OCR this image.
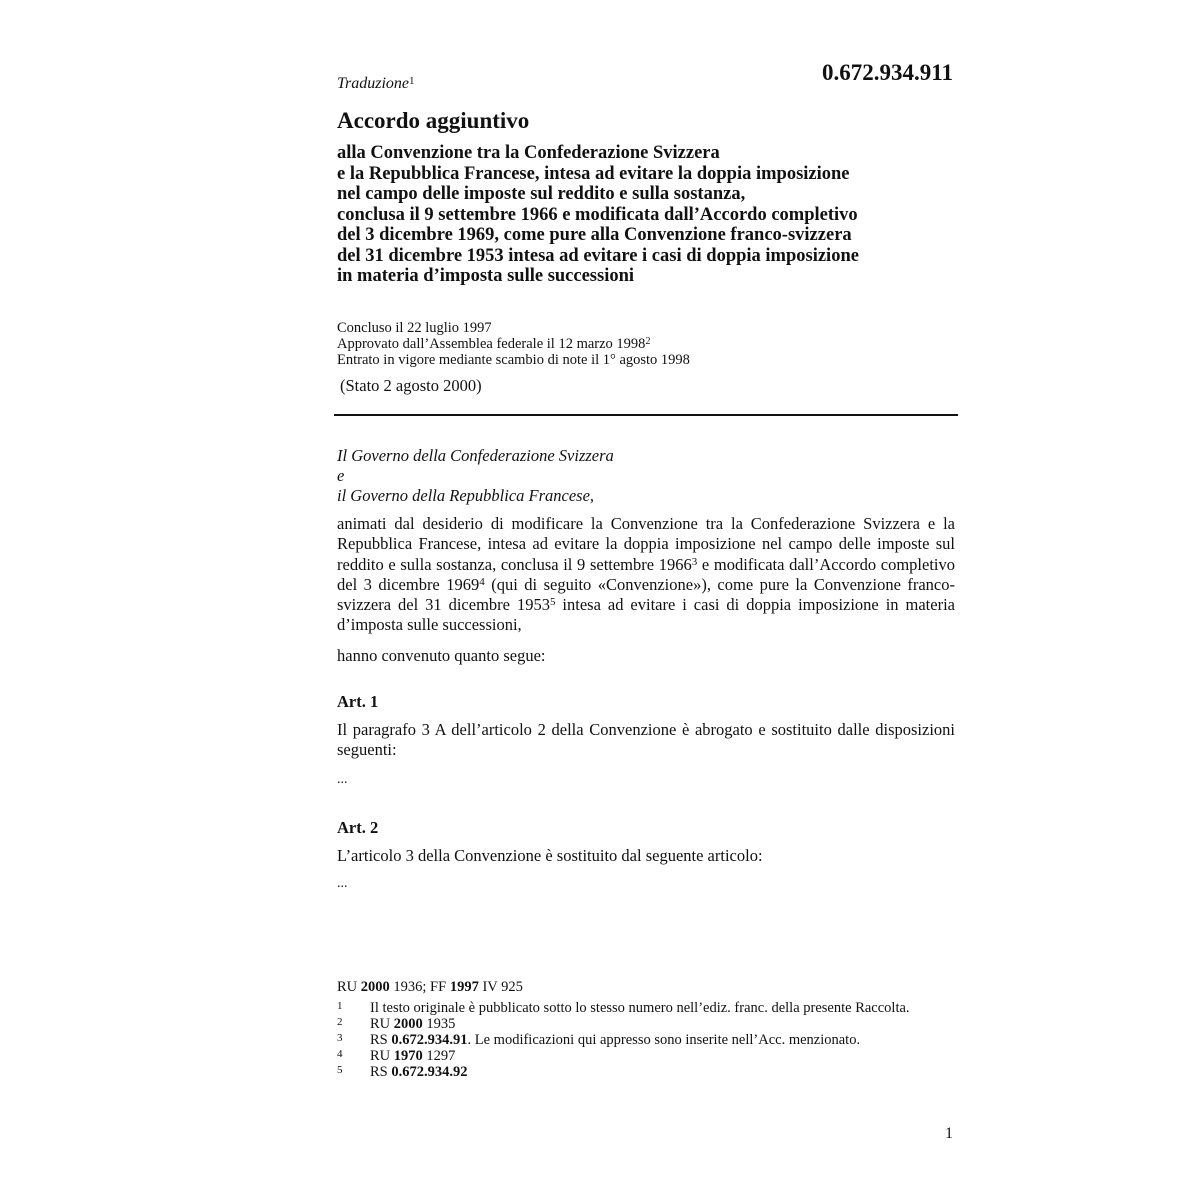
Traduzione$^1$	0.672.934.911
Accordo aggiuntivo
alla Convenzione tra la Confederazione Svizzera
e la Repubblica Francese, intesa ad evitare la doppia imposizione
nel campo delle imposte sul reddito e sulla sostanza,
conclusa il 9 settembre 1966 e modificata dall’Accordo completivo
del 3 dicembre 1969, come pure alla Convenzione franco-svizzera
del 31 dicembre 1953 intesa ad evitare i casi di doppia imposizione
in materia d’imposta sulle successioni
Concluso il 22 luglio 1997
Approvato dall’Assemblea federale il 12 marzo 1998$^2$
Entrato in vigore mediante scambio di note il 1° agosto 1998
(Stato 2 agosto 2000)
Il Governo della Confederazione Svizzera
e
il Governo della Repubblica Francese,
animati dal desiderio di modificare la Convenzione tra la Confederazione Svizzera e la Repubblica Francese, intesa ad evitare la doppia imposizione nel campo delle imposte sul reddito e sulla sostanza, conclusa il 9 settembre 1966$^3$ e modificata dall’Accordo completivo del 3 dicembre 1969$^4$ (qui di seguito «Convenzione»), come pure la Convenzione franco-svizzera del 31 dicembre 1953$^5$ intesa ad evitare i casi di doppia imposizione in materia d’imposta sulle successioni,
hanno convenuto quanto segue:
Art. 1
Il paragrafo 3 A dell’articolo 2 della Convenzione è abrogato e sostituito dalle disposizioni seguenti:
...
Art. 2
L’articolo 3 della Convenzione è sostituito dal seguente articolo:
...
RU 2000 1936; FF 1997 IV 925
1	Il testo originale è pubblicato sotto lo stesso numero nell’ediz. franc. della presente Raccolta.
2	RU 2000 1935
3	RS 0.672.934.91. Le modificazioni qui appresso sono inserite nell’Acc. menzionato.
4	RU 1970 1297
5	RS 0.672.934.92
1
